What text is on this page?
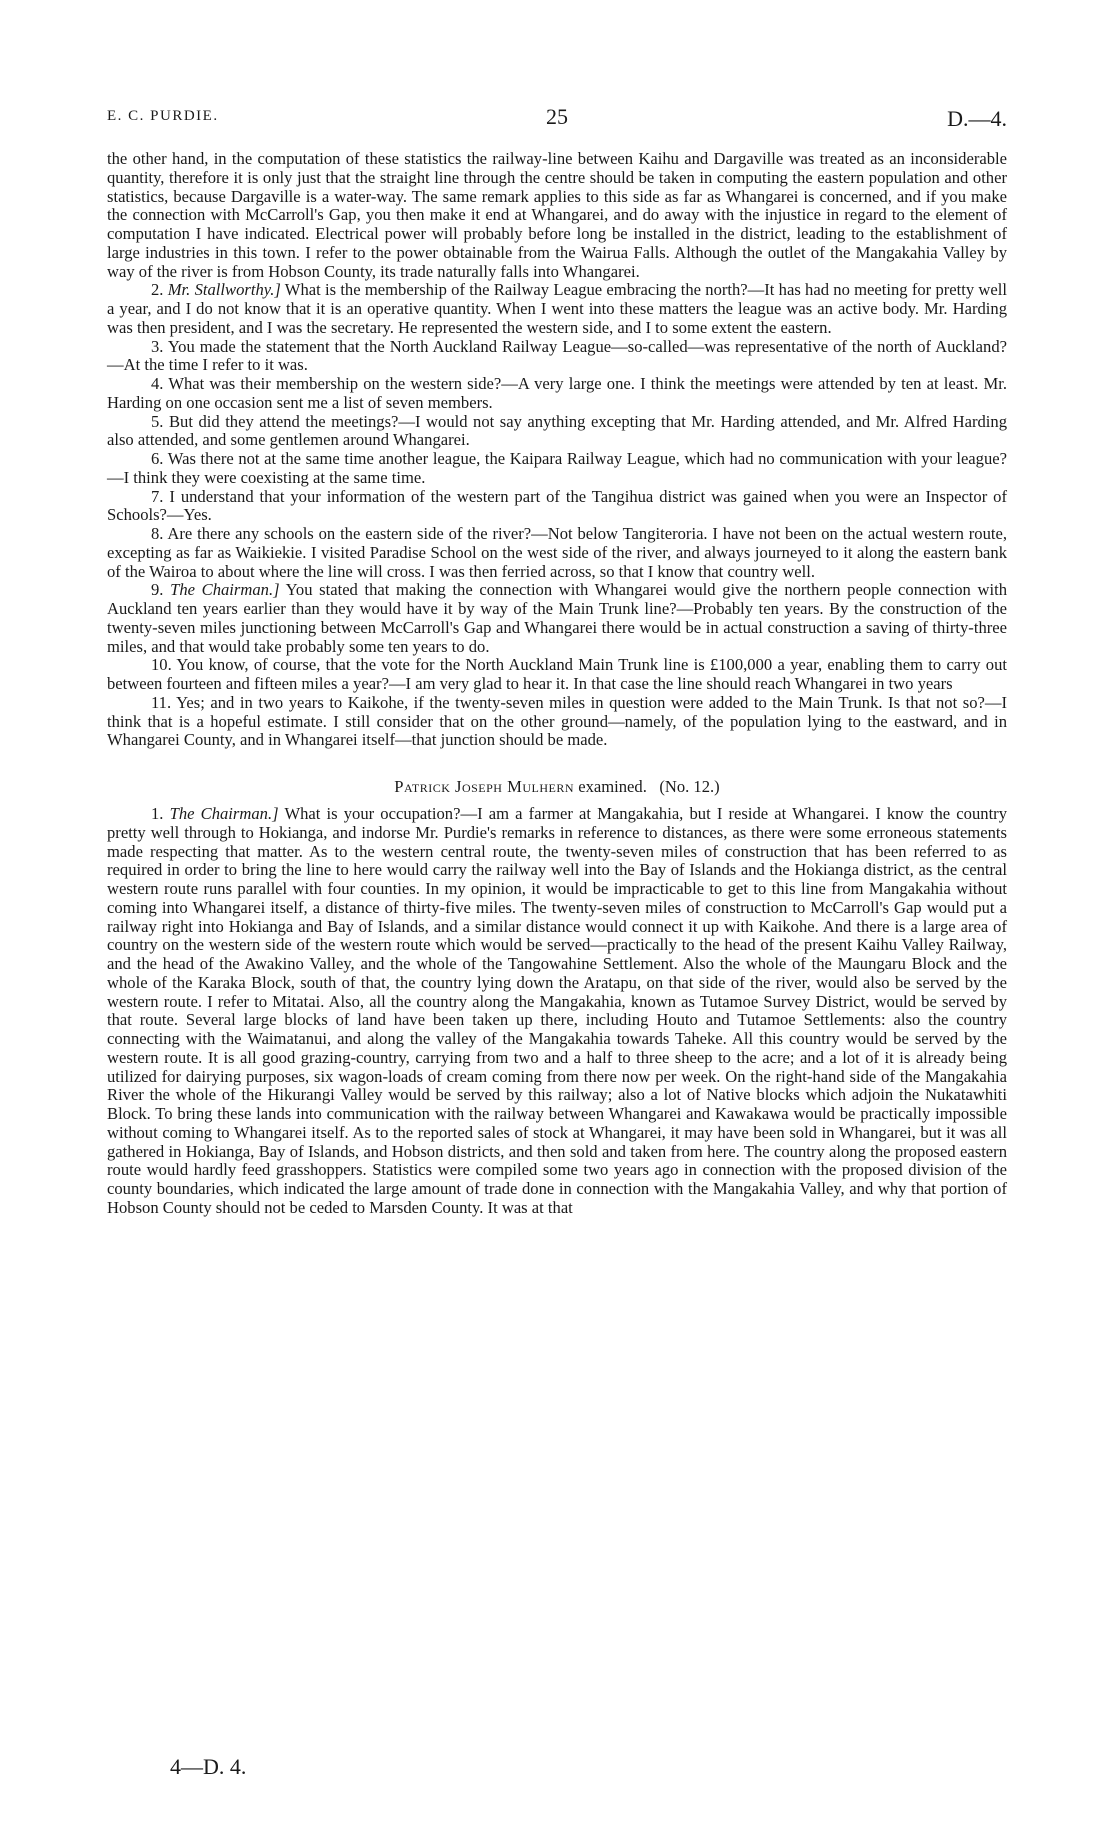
E. C. PURDIE.	25	D.—4.

the other hand, in the computation of these statistics the railway-line between Kaihu and Dargaville was treated as an inconsiderable quantity, therefore it is only just that the straight line through the centre should be taken in computing the eastern population and other statistics, because Dargaville is a water-way. The same remark applies to this side as far as Whangarei is concerned, and if you make the connection with McCarroll's Gap, you then make it end at Whangarei, and do away with the injustice in regard to the element of computation I have indicated. Electrical power will probably before long be installed in the district, leading to the establishment of large industries in this town. I refer to the power obtainable from the Wairua Falls. Although the outlet of the Mangakahia Valley by way of the river is from Hobson County, its trade naturally falls into Whangarei.

2. Mr. Stallworthy.] What is the membership of the Railway League embracing the north?—It has had no meeting for pretty well a year, and I do not know that it is an operative quantity. When I went into these matters the league was an active body. Mr. Harding was then president, and I was the secretary. He represented the western side, and I to some extent the eastern.

3. You made the statement that the North Auckland Railway League—so-called—was representative of the north of Auckland?—At the time I refer to it was.

4. What was their membership on the western side?—A very large one. I think the meetings were attended by ten at least. Mr. Harding on one occasion sent me a list of seven members.

5. But did they attend the meetings?—I would not say anything excepting that Mr. Harding attended, and Mr. Alfred Harding also attended, and some gentlemen around Whangarei.

6. Was there not at the same time another league, the Kaipara Railway League, which had no communication with your league?—I think they were coexisting at the same time.

7. I understand that your information of the western part of the Tangihua district was gained when you were an Inspector of Schools?—Yes.

8. Are there any schools on the eastern side of the river?—Not below Tangiteroria. I have not been on the actual western route, excepting as far as Waikiekie. I visited Paradise School on the west side of the river, and always journeyed to it along the eastern bank of the Wairoa to about where the line will cross. I was then ferried across, so that I know that country well.

9. The Chairman.] You stated that making the connection with Whangarei would give the northern people connection with Auckland ten years earlier than they would have it by way of the Main Trunk line?—Probably ten years. By the construction of the twenty-seven miles junctioning between McCarroll's Gap and Whangarei there would be in actual construction a saving of thirty-three miles, and that would take probably some ten years to do.

10. You know, of course, that the vote for the North Auckland Main Trunk line is £100,000 a year, enabling them to carry out between fourteen and fifteen miles a year?—I am very glad to hear it. In that case the line should reach Whangarei in two years

11. Yes; and in two years to Kaikohe, if the twenty-seven miles in question were added to the Main Trunk. Is that not so?—I think that is a hopeful estimate. I still consider that on the other ground—namely, of the population lying to the eastward, and in Whangarei County, and in Whangarei itself—that junction should be made.

Patrick Joseph Mulhern examined. (No. 12.)

1. The Chairman.] What is your occupation?—I am a farmer at Mangakahia, but I reside at Whangarei. I know the country pretty well through to Hokianga, and indorse Mr. Purdie's remarks in reference to distances, as there were some erroneous statements made respecting that matter. As to the western central route, the twenty-seven miles of construction that has been referred to as required in order to bring the line to here would carry the railway well into the Bay of Islands and the Hokianga district, as the central western route runs parallel with four counties. In my opinion, it would be impracticable to get to this line from Mangakahia without coming into Whangarei itself, a distance of thirty-five miles. The twenty-seven miles of construction to McCarroll's Gap would put a railway right into Hokianga and Bay of Islands, and a similar distance would connect it up with Kaikohe. And there is a large area of country on the western side of the western route which would be served—practically to the head of the present Kaihu Valley Railway, and the head of the Awakino Valley, and the whole of the Tangowahine Settlement. Also the whole of the Maungaru Block and the whole of the Karaka Block, south of that, the country lying down the Aratapu, on that side of the river, would also be served by the western route. I refer to Mitatai. Also, all the country along the Mangakahia, known as Tutamoe Survey District, would be served by that route. Several large blocks of land have been taken up there, including Houto and Tutamoe Settlements: also the country connecting with the Waimatanui, and along the valley of the Mangakahia towards Taheke. All this country would be served by the western route. It is all good grazing-country, carrying from two and a half to three sheep to the acre; and a lot of it is already being utilized for dairying purposes, six wagon-loads of cream coming from there now per week. On the right-hand side of the Mangakahia River the whole of the Hikurangi Valley would be served by this railway; also a lot of Native blocks which adjoin the Nukatawhiti Block. To bring these lands into communication with the railway between Whangarei and Kawakawa would be practically impossible without coming to Whangarei itself. As to the reported sales of stock at Whangarei, it may have been sold in Whangarei, but it was all gathered in Hokianga, Bay of Islands, and Hobson districts, and then sold and taken from here. The country along the proposed eastern route would hardly feed grasshoppers. Statistics were compiled some two years ago in connection with the proposed division of the county boundaries, which indicated the large amount of trade done in connection with the Mangakahia Valley, and why that portion of Hobson County should not be ceded to Marsden County. It was at that

4—D. 4.
